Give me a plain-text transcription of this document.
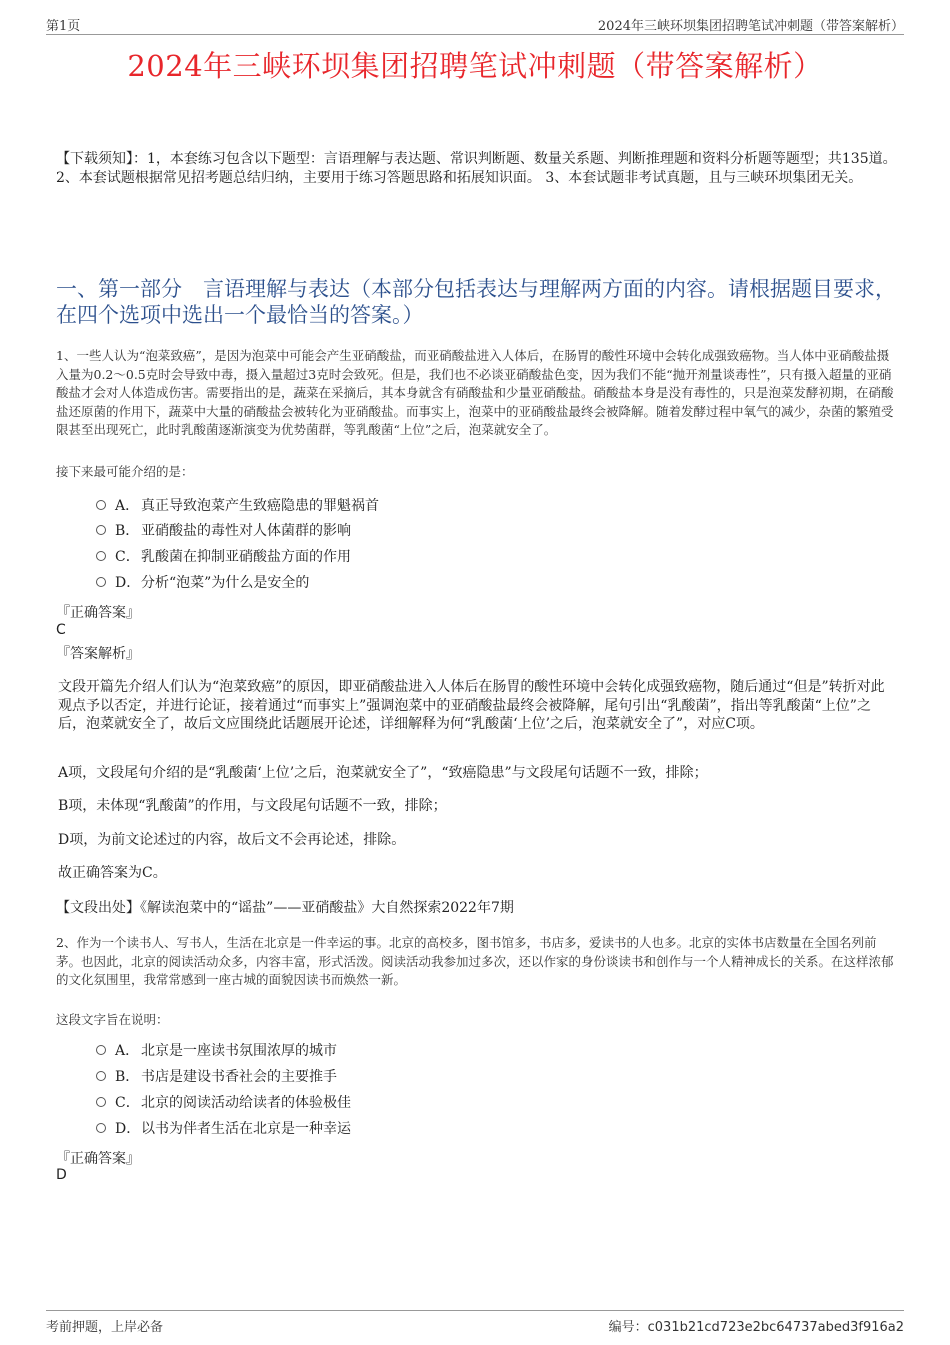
第1页	2024年三峡环坝集团招聘笔试冲刺题（带答案解析）
2024年三峡环坝集团招聘笔试冲刺题（带答案解析）
【下载须知】：1，本套练习包含以下题型：言语理解与表达题、常识判断题、数量关系题、判断推理题和资料分析题等题型；共135道。 2、本套试题根据常见招考题总结归纳，主要用于练习答题思路和拓展知识面。 3、本套试题非考试真题，且与三峡环坝集团无关。
一、第一部分　言语理解与表达（本部分包括表达与理解两方面的内容。请根据题目要求，在四个选项中选出一个最恰当的答案。）
1、一些人认为“泡菜致癌”，是因为泡菜中可能会产生亚硝酸盐，而亚硝酸盐进入人体后，在肠胃的酸性环境中会转化成强致癌物。当人体中亚硝酸盐摄入量为0.2～0.5克时会导致中毒，摄入量超过3克时会致死。但是，我们也不必谈亚硝酸盐色变，因为我们不能“抛开剂量谈毒性”，只有摄入超量的亚硝酸盐才会对人体造成伤害。需要指出的是，蔬菜在采摘后，其本身就含有硝酸盐和少量亚硝酸盐。硝酸盐本身是没有毒性的，只是泡菜发酵初期，在硝酸盐还原菌的作用下，蔬菜中大量的硝酸盐会被转化为亚硝酸盐。而事实上，泡菜中的亚硝酸盐最终会被降解。随着发酵过程中氧气的减少，杂菌的繁殖受限甚至出现死亡，此时乳酸菌逐渐演变为优势菌群，等乳酸菌“上位”之后，泡菜就安全了。
接下来最可能介绍的是：
A． 真正导致泡菜产生致癌隐患的罪魁祸首
B． 亚硝酸盐的毒性对人体菌群的影响
C．乳酸菌在抑制亚硝酸盐方面的作用
D．分析“泡菜”为什么是安全的
『正确答案』
C
『答案解析』
文段开篇先介绍人们认为“泡菜致癌”的原因，即亚硝酸盐进入人体后在肠胃的酸性环境中会转化成强致癌物，随后通过“但是”转折对此观点予以否定，并进行论证，接着通过“而事实上”强调泡菜中的亚硝酸盐最终会被降解，尾句引出“乳酸菌”，指出等乳酸菌“上位”之后，泡菜就安全了，故后文应围绕此话题展开论述，详细解释为何“乳酸菌‘上位’之后，泡菜就安全了”，对应C项。
A项，文段尾句介绍的是“乳酸菌‘上位’之后，泡菜就安全了”，“致癌隐患”与文段尾句话题不一致，排除；
B项，未体现“乳酸菌”的作用，与文段尾句话题不一致，排除；
D项，为前文论述过的内容，故后文不会再论述，排除。
故正确答案为C。
【文段出处】《解读泡菜中的“谣盐”——亚硝酸盐》大自然探索2022年7期
2、作为一个读书人、写书人，生活在北京是一件幸运的事。北京的高校多，图书馆多，书店多，爱读书的人也多。北京的实体书店数量在全国名列前茅。也因此，北京的阅读活动众多，内容丰富，形式活泼。阅读活动我参加过多次，还以作家的身份谈读书和创作与一个人精神成长的关系。在这样浓郁的文化氛围里，我常常感到一座古城的面貌因读书而焕然一新。
这段文字旨在说明：
A． 北京是一座读书氛围浓厚的城市
B． 书店是建设书香社会的主要推手
C．北京的阅读活动给读者的体验极佳
D．以书为伴者生活在北京是一种幸运
『正确答案』
D
考前押题，上岸必备	编号：c031b21cd723e2bc64737abed3f916a2
